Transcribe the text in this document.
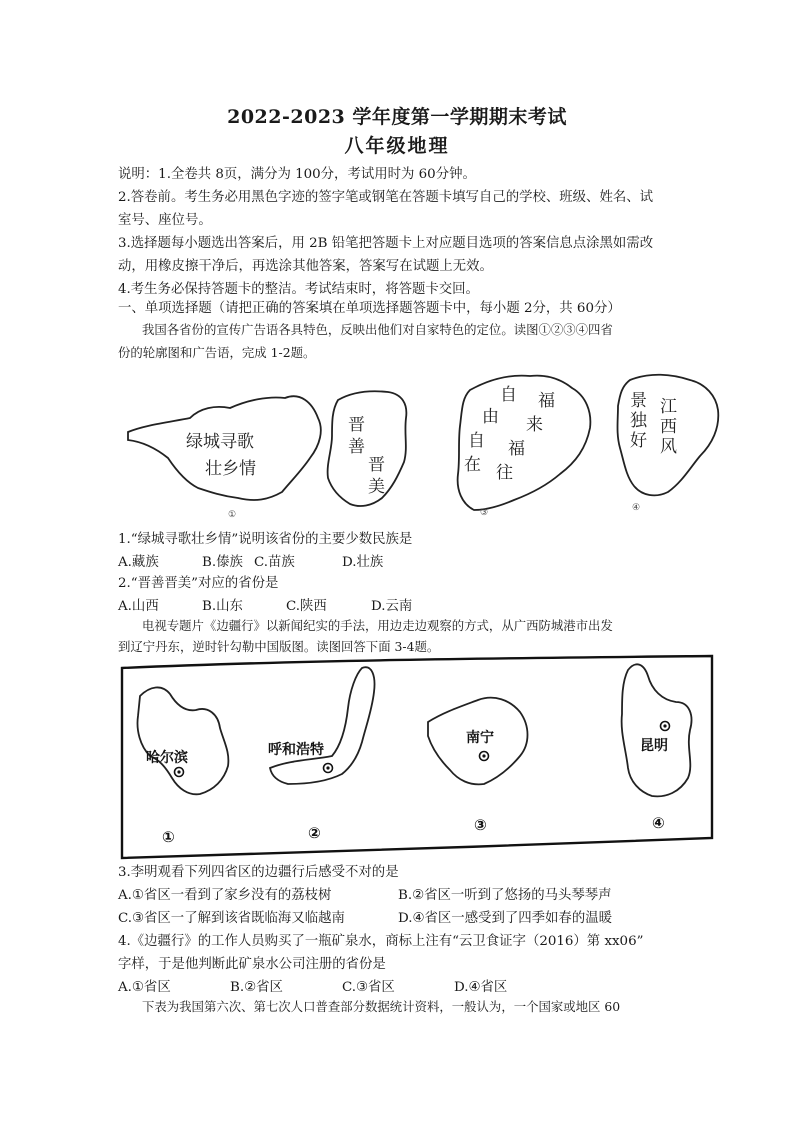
2022-2023 学年度第一学期期末考试
八年级地理
说明：1.全卷共 8页，满分为 100分，考试用时为 60分钟。
2.答卷前。考生务必用黑色字迹的签字笔或钢笔在答题卡填写自己的学校、班级、姓名、试
室号、座位号。
3.选择题每小题选出答案后，用 2B 铅笔把答题卡上对应题目选项的答案信息点涂黑如需改
动，用橡皮擦干净后，再选涂其他答案，答案写在试题上无效。
4.考生务必保持答题卡的整洁。考试结束时，将答题卡交回。
一、单项选择题（请把正确的答案填在单项选择题答题卡中，每小题 2分，共 60分）
我国各省份的宣传广告语各具特色，反映出他们对自家特色的定位。读图①②③④四省
份的轮廓图和广告语，完成 1-2题。
绿城寻歌
壮乡情
①
晋
善
晋
美
自
由
自
在
福
来
福
往
③
景
独
好
江
西
风
④
1.“绿城寻歌壮乡情”说明该省份的主要少数民族是
A.藏族	B.傣族 C.苗族	D.壮族
2.“晋善晋美”对应的省份是
A.山西	B.山东	C.陕西	D.云南
电视专题片《边疆行》以新闻纪实的手法，用边走边观察的方式，从广西防城港市出发
到辽宁丹东，逆时针勾勒中国版图。读图回答下面 3-4题。
哈尔滨
①
呼和浩特
②
南宁
③
昆明
④
3.李明观看下列四省区的边疆行后感受不对的是
A.①省区一看到了家乡没有的荔枝树	B.②省区一听到了悠扬的马头琴琴声
C.③省区一了解到该省既临海又临越南	D.④省区一感受到了四季如春的温暖
4.《边疆行》的工作人员购买了一瓶矿泉水，商标上注有“云卫食证字（2016）第 xx06”
字样，于是他判断此矿泉水公司注册的省份是
A.①省区	B.②省区	C.③省区	D.④省区
下表为我国第六次、第七次人口普查部分数据统计资料，一般认为，一个国家或地区 60
